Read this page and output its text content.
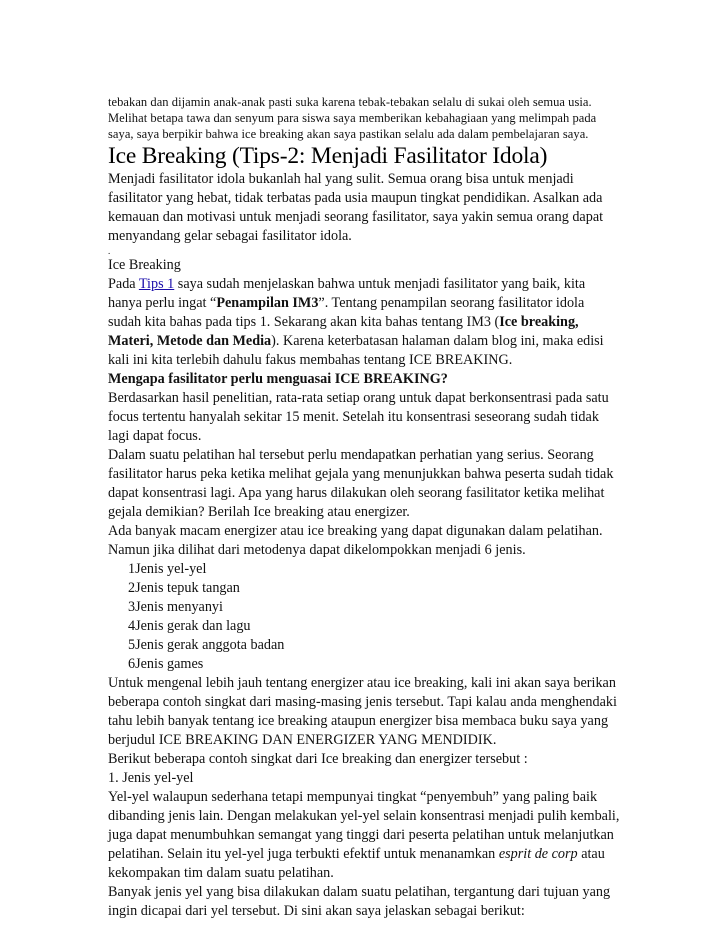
tebakan dan dijamin anak-anak pasti suka karena tebak-tebakan selalu di sukai oleh semua usia.

Melihat betapa tawa dan senyum para siswa saya memberikan kebahagiaan yang melimpah pada saya, saya berpikir bahwa ice breaking akan saya pastikan selalu ada dalam pembelajaran saya.

Ice Breaking (Tips-2: Menjadi Fasilitator Idola)

Menjadi fasilitator idola bukanlah hal yang sulit. Semua orang bisa untuk menjadi fasilitator yang hebat, tidak terbatas pada usia maupun tingkat pendidikan. Asalkan ada kemauan dan motivasi untuk menjadi seorang fasilitator, saya yakin semua orang dapat menyandang gelar sebagai fasilitator idola.

.

Ice Breaking

Pada Tips 1 saya sudah menjelaskan bahwa untuk menjadi fasilitator yang baik, kita hanya perlu ingat “Penampilan IM3”. Tentang penampilan seorang fasilitator idola sudah kita bahas pada tips 1. Sekarang akan kita bahas tentang IM3 (Ice breaking, Materi, Metode dan Media). Karena keterbatasan halaman dalam blog ini, maka edisi kali ini kita terlebih dahulu fakus membahas tentang ICE BREAKING.

Mengapa fasilitator perlu menguasai ICE BREAKING?

Berdasarkan hasil penelitian, rata-rata setiap orang untuk dapat berkonsentrasi pada satu focus tertentu hanyalah sekitar 15 menit. Setelah itu konsentrasi seseorang sudah tidak lagi dapat focus.

Dalam suatu pelatihan hal tersebut perlu mendapatkan perhatian yang serius. Seorang fasilitator harus peka ketika melihat gejala yang menunjukkan bahwa peserta sudah tidak dapat konsentrasi lagi. Apa yang harus dilakukan oleh seorang fasilitator ketika melihat gejala demikian? Berilah Ice breaking atau energizer.

Ada banyak macam energizer atau ice breaking yang dapat digunakan dalam pelatihan. Namun jika dilihat dari metodenya dapat dikelompokkan menjadi 6 jenis.

1Jenis yel-yel
2Jenis tepuk tangan
3Jenis menyanyi
4Jenis gerak dan lagu
5Jenis gerak anggota badan
6Jenis games

Untuk mengenal lebih jauh tentang energizer atau ice breaking, kali ini akan saya berikan beberapa contoh singkat dari masing-masing jenis tersebut. Tapi kalau anda menghendaki tahu lebih banyak tentang ice breaking ataupun energizer bisa membaca buku saya yang berjudul ICE BREAKING DAN ENERGIZER YANG MENDIDIK.

Berikut beberapa contoh singkat dari Ice breaking dan energizer tersebut :

1. Jenis yel-yel

Yel-yel walaupun sederhana tetapi mempunyai tingkat “penyembuh” yang paling baik dibanding jenis lain. Dengan melakukan yel-yel selain konsentrasi menjadi pulih kembali, juga dapat menumbuhkan semangat yang tinggi dari peserta pelatihan untuk melanjutkan pelatihan. Selain itu yel-yel juga terbukti efektif untuk menanamkan esprit de corp atau kekompakan tim dalam suatu pelatihan.

Banyak jenis yel yang bisa dilakukan dalam suatu pelatihan, tergantung dari tujuan yang ingin dicapai dari yel tersebut. Di sini akan saya jelaskan sebagai berikut:
